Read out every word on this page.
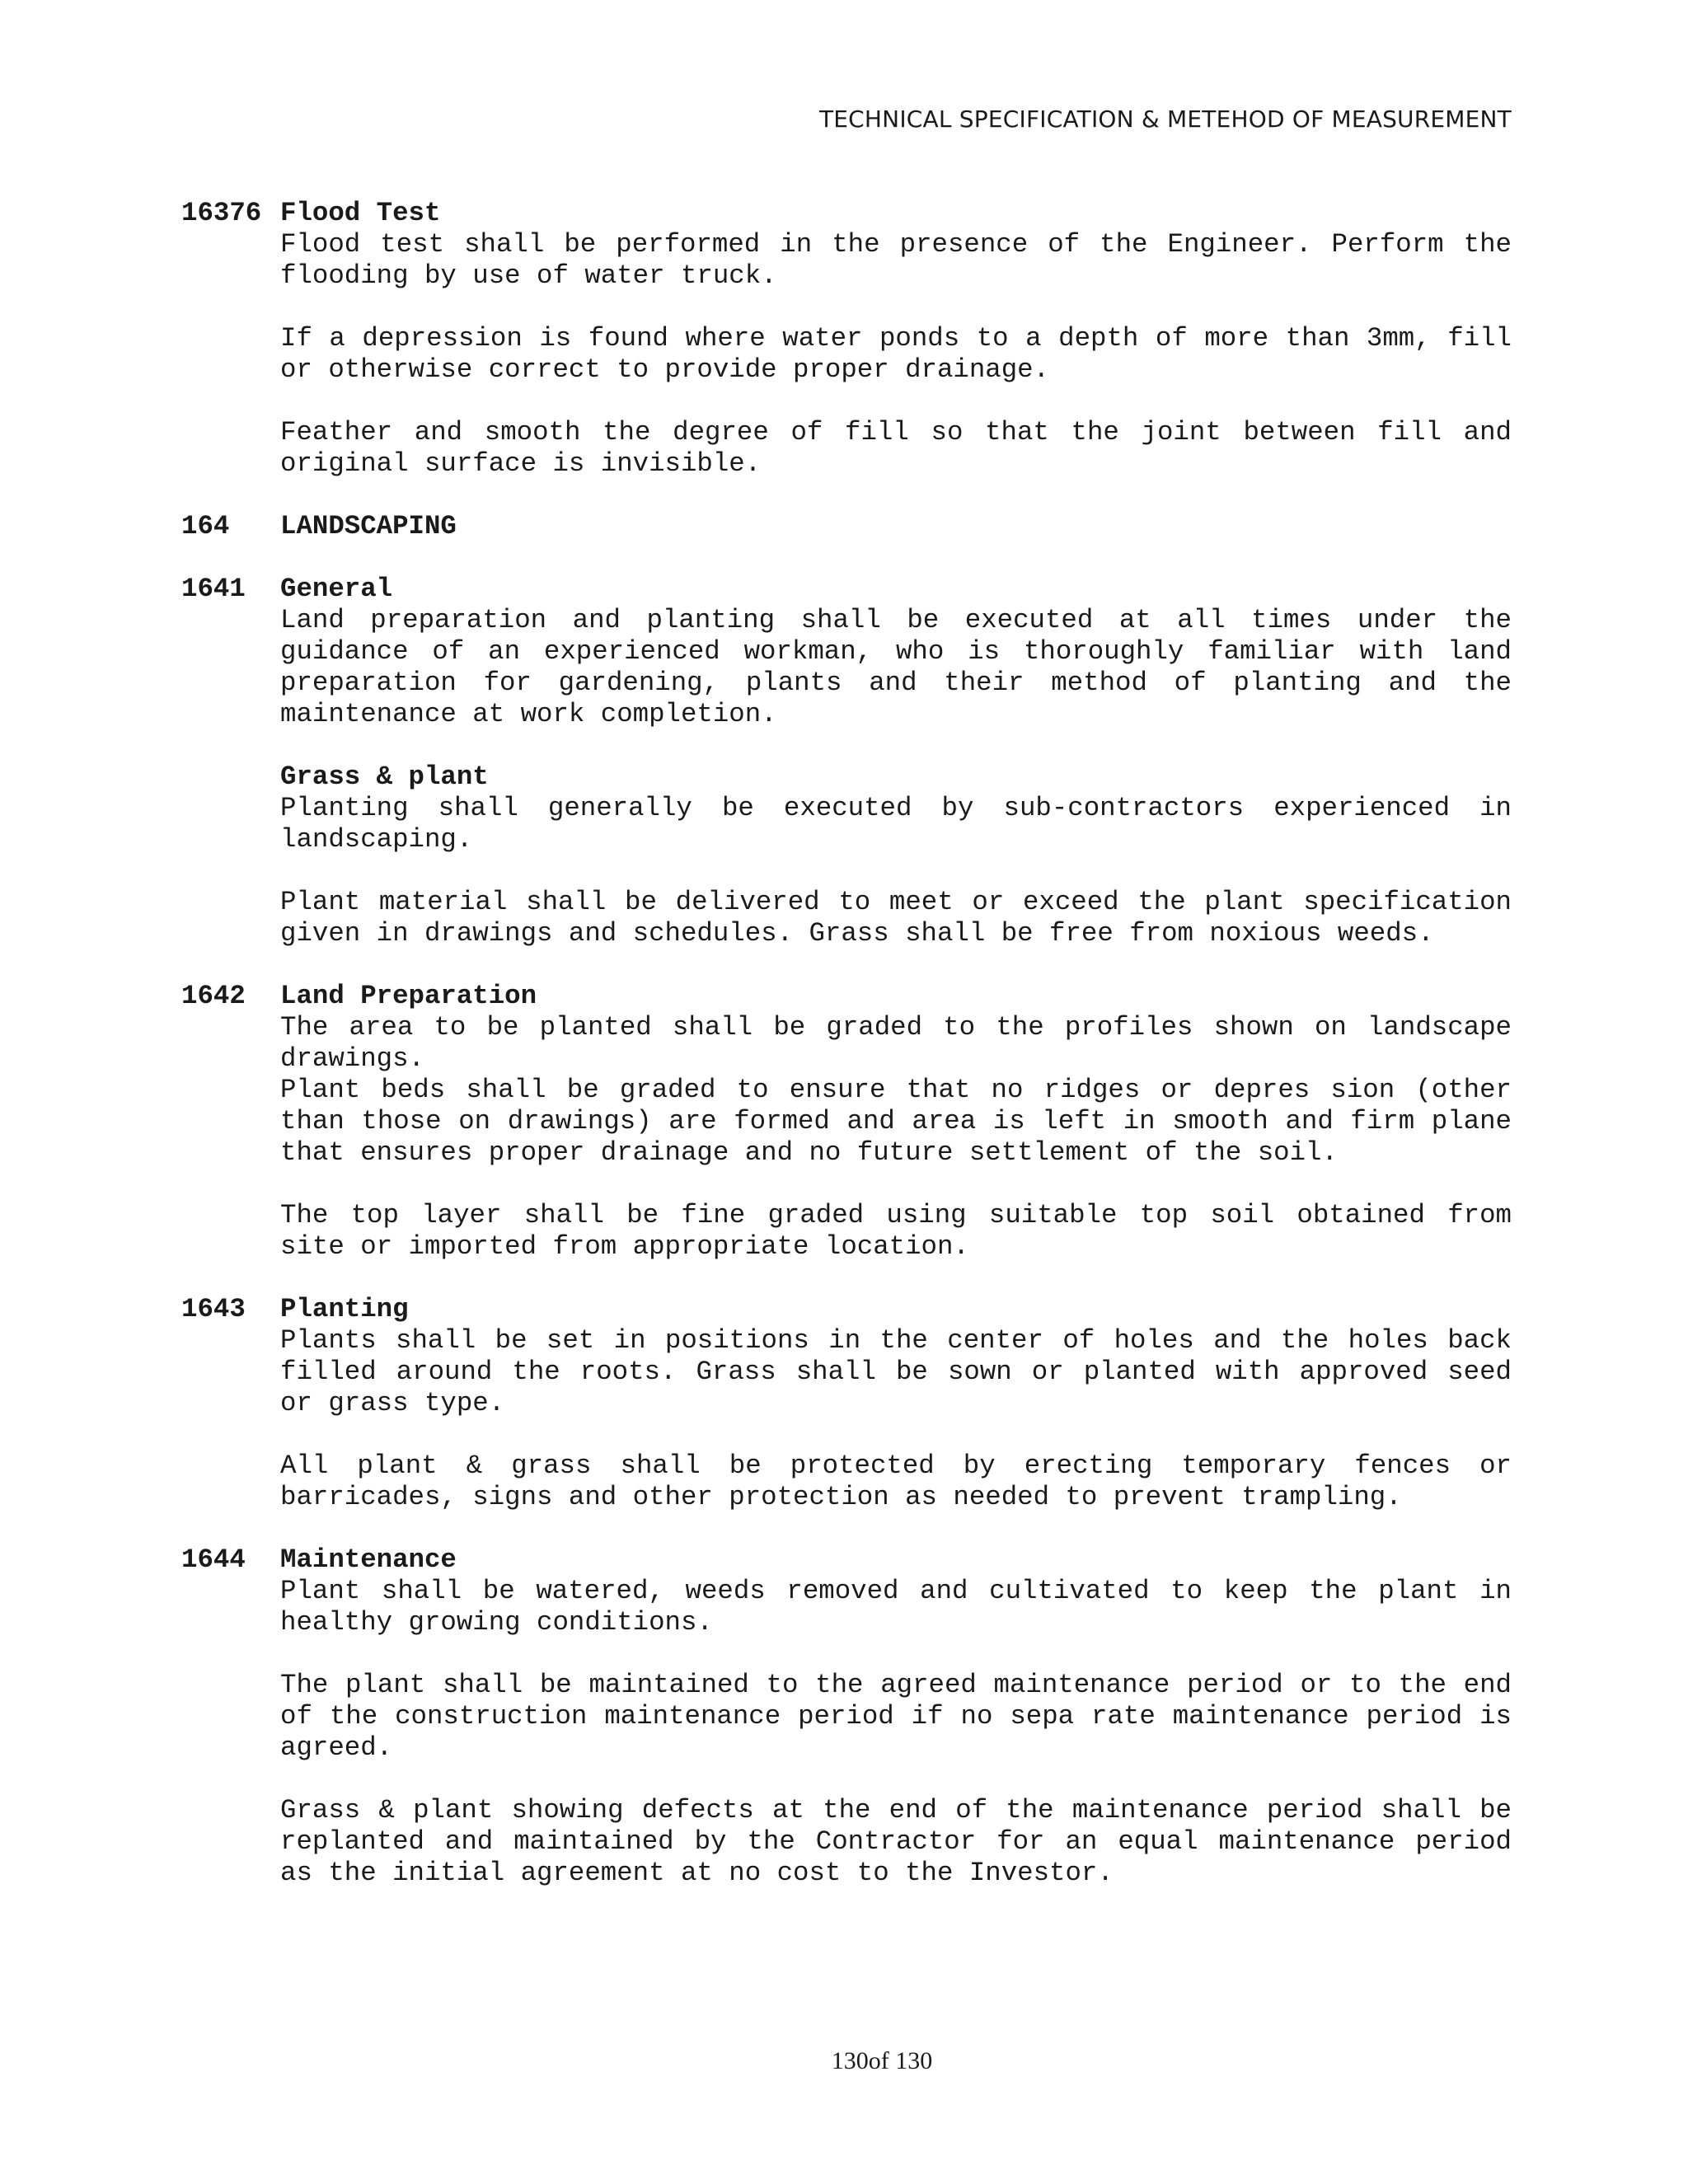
TECHNICAL SPECIFICATION & METEHOD OF MEASUREMENT
16376 Flood Test

Flood test shall be performed in the presence of the Engineer. Perform the flooding by use of water truck.

If a depression is found where water ponds to a depth of more than 3mm, fill or otherwise correct to provide proper drainage.

Feather and smooth the degree of fill so that the joint between fill and original surface is invisible.

164	LANDSCAPING
1641	General

Land preparation and planting shall be executed at all times under the guidance of an experienced workman, who is thoroughly familiar with land preparation for gardening, plants and their method of planting and the maintenance at work completion.

Grass & plant

Planting shall generally be executed by sub-contractors experienced in landscaping.

Plant material shall be delivered to meet or exceed the plant specification given in drawings and schedules. Grass shall be free from noxious weeds.

1642	Land Preparation

The area to be planted shall be graded to the profiles shown on landscape drawings.

Plant beds shall be graded to ensure that no ridges or depres sion (other than those on drawings) are formed and area is left in smooth and firm plane that ensures proper drainage and no future settlement of the soil.

The top layer shall be fine graded using suitable top soil obtained from site or imported from appropriate location.

1643	Planting

Plants shall be set in positions in the center of holes and the holes back filled around the roots. Grass shall be sown or planted with approved seed or grass type.

All plant & grass shall be protected by erecting temporary fences or barricades, signs and other protection as needed to prevent trampling.

1644	Maintenance

Plant shall be watered, weeds removed and cultivated to keep the plant in healthy growing conditions.

The plant shall be maintained to the agreed maintenance period or to the end of the construction maintenance period if no sepa rate maintenance period is agreed.

Grass & plant showing defects at the end of the maintenance period shall be replanted and maintained by the Contractor for an equal maintenance period as the initial agreement at no cost to the Investor.

130of 130
